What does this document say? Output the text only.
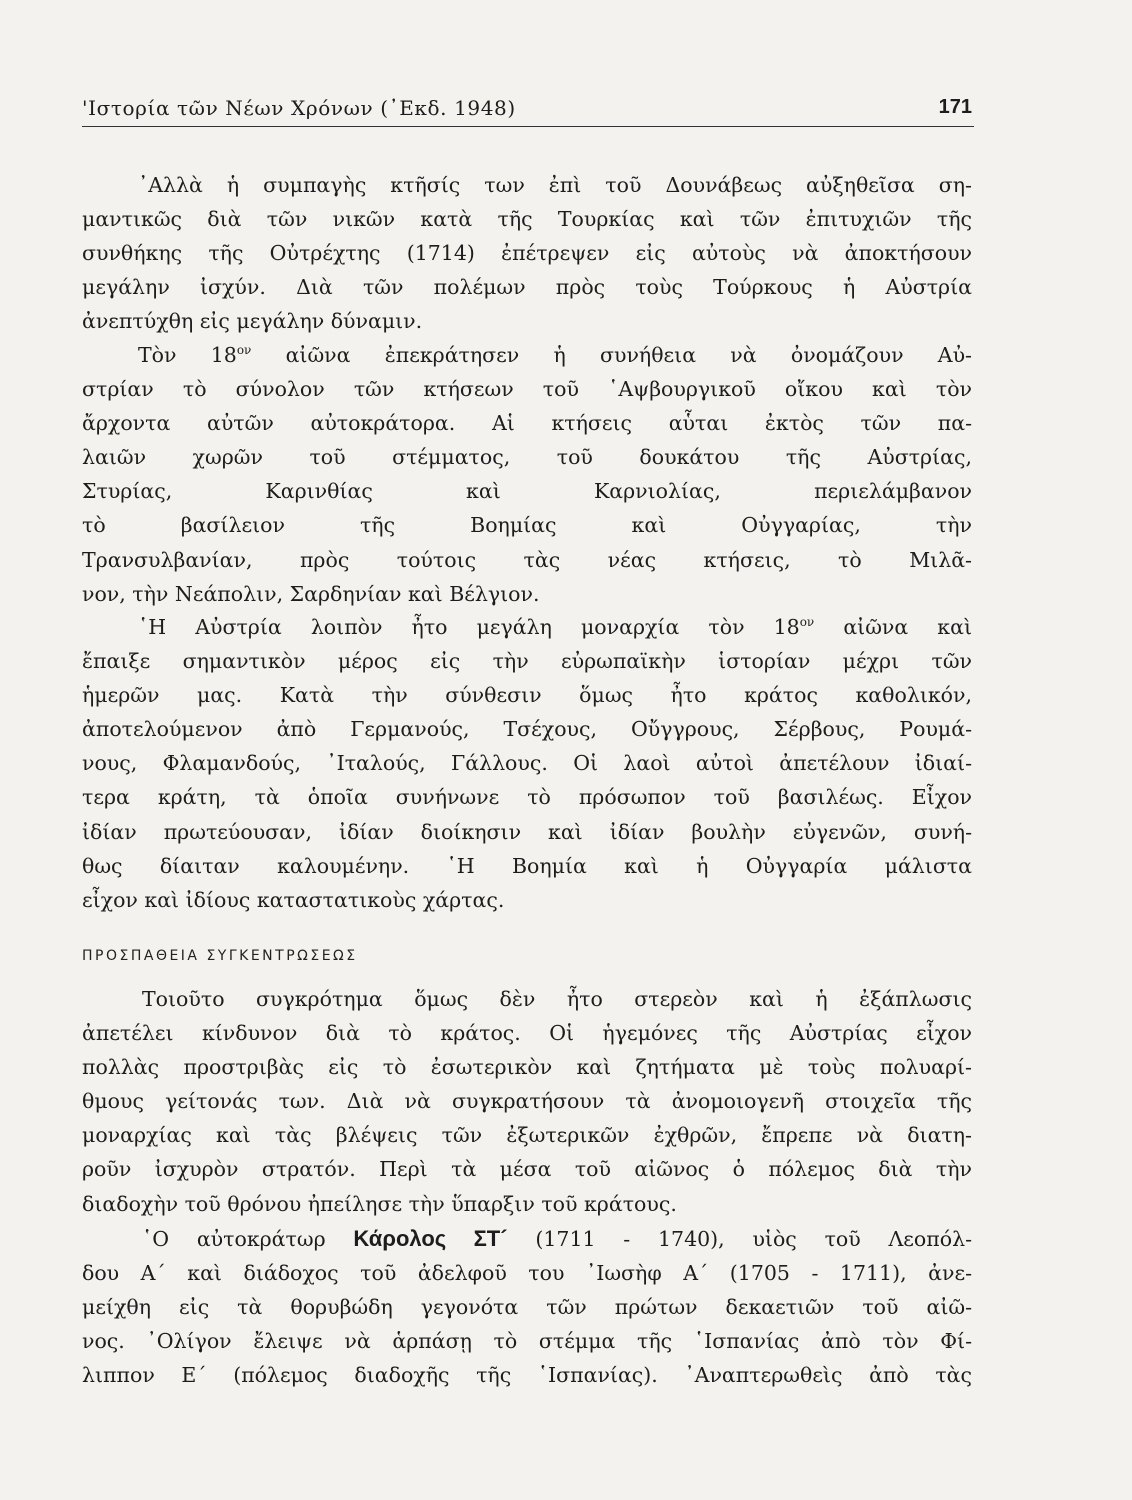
'Ιστορία τῶν Νέων Χρόνων (᾿Εκδ. 1948)	171
᾿Αλλὰ ἡ συμπαγὴς κτῆσίς των ἐπὶ τοῦ Δουνάβεως αὐξηθεῖσα ση-
μαντικῶς διὰ τῶν νικῶν κατὰ τῆς Τουρκίας καὶ τῶν ἐπιτυχιῶν τῆς
συνθήκης τῆς Οὐτρέχτης (1714) ἐπέτρεψεν εἰς αὐτοὺς νὰ ἀποκτήσουν
μεγάλην ἰσχύν. Διὰ τῶν πολέμων πρὸς τοὺς Τούρκους ἡ Αὐστρία
ἀνεπτύχθη εἰς μεγάλην δύναμιν.
Τὸν $18^{o\nu}$ αἰῶνα ἐπεκράτησεν ἡ συνήθεια νὰ ὀνομάζουν Αὐ-
στρίαν τὸ σύνολον τῶν κτήσεων τοῦ ῾Αψβουργικοῦ οἴκου καὶ τὸν
ἄρχοντα αὐτῶν αὐτοκράτορα. Αἱ κτήσεις αὗται ἐκτὸς τῶν πα-
λαιῶν χωρῶν τοῦ στέμματος, τοῦ δουκάτου τῆς Αὐστρίας,
Στυρίας, Καρινθίας καὶ Καρνιολίας, περιελάμβανον
τὸ βασίλειον τῆς Βοημίας καὶ Οὐγγαρίας, τὴν
Τρανσυλβανίαν, πρὸς τούτοις τὰς νέας κτήσεις, τὸ Μιλᾶ-
νον, τὴν Νεάπολιν, Σαρδηνίαν καὶ Βέλγιον.
῾Η Αὐστρία λοιπὸν ἦτο μεγάλη μοναρχία τὸν $18^{o\nu}$ αἰῶνα καὶ
ἔπαιξε σημαντικὸν μέρος εἰς τὴν εὐρωπαϊκὴν ἱστορίαν μέχρι τῶν
ἡμερῶν μας. Κατὰ τὴν σύνθεσιν ὅμως ἦτο κράτος καθολικόν,
ἀποτελούμενον ἀπὸ Γερμανούς, Τσέχους, Οὔγγρους, Σέρβους, Ρουμά-
νους, Φλαμανδούς, ᾿Ιταλούς, Γάλλους. Οἱ λαοὶ αὐτοὶ ἀπετέλουν ἰδιαί-
τερα κράτη, τὰ ὁποῖα συνήνωνε τὸ πρόσωπον τοῦ βασιλέως. Εἶχον
ἰδίαν πρωτεύουσαν, ἰδίαν διοίκησιν καὶ ἰδίαν βουλὴν εὐγενῶν, συνή-
θως δίαιταν καλουμένην. ῾Η Βοημία καὶ ἡ Οὐγγαρία μάλιστα
εἶχον καὶ ἰδίους καταστατικοὺς χάρτας.
ΠΡΟΣΠΑΘΕΙΑ ΣΥΓΚΕΝΤΡΩΣΕΩΣ
Τοιοῦτο συγκρότημα ὅμως δὲν ἦτο στερεὸν καὶ ἡ ἐξάπλωσις
ἀπετέλει κίνδυνον διὰ τὸ κράτος. Οἱ ἡγεμόνες τῆς Αὐστρίας εἶχον
πολλὰς προστριβὰς εἰς τὸ ἐσωτερικὸν καὶ ζητήματα μὲ τοὺς πολυαρί-
θμους γείτονάς των. Διὰ νὰ συγκρατήσουν τὰ ἀνομοιογενῆ στοιχεῖα τῆς
μοναρχίας καὶ τὰς βλέψεις τῶν ἐξωτερικῶν ἐχθρῶν, ἔπρεπε νὰ διατη-
ροῦν ἰσχυρὸν στρατόν. Περὶ τὰ μέσα τοῦ αἰῶνος ὁ πόλεμος διὰ τὴν
διαδοχὴν τοῦ θρόνου ἠπείλησε τὴν ὕπαρξιν τοῦ κράτους.
῾Ο αὐτοκράτωρ Κάρολος ΣΤ´ (1711 - 1740), υἱὸς τοῦ Λεοπόλ-
δου Α´ καὶ διάδοχος τοῦ ἀδελφοῦ του ᾿Ιωσὴφ Α´ (1705 - 1711), ἀνε-
μείχθη εἰς τὰ θορυβώδη γεγονότα τῶν πρώτων δεκαετιῶν τοῦ αἰῶ-
νος. ᾿Ολίγον ἔλειψε νὰ ἁρπάσῃ τὸ στέμμα τῆς ῾Ισπανίας ἀπὸ τὸν Φί-
λιππον Ε´ (πόλεμος διαδοχῆς τῆς ῾Ισπανίας). ᾿Αναπτερωθεὶς ἀπὸ τὰς
